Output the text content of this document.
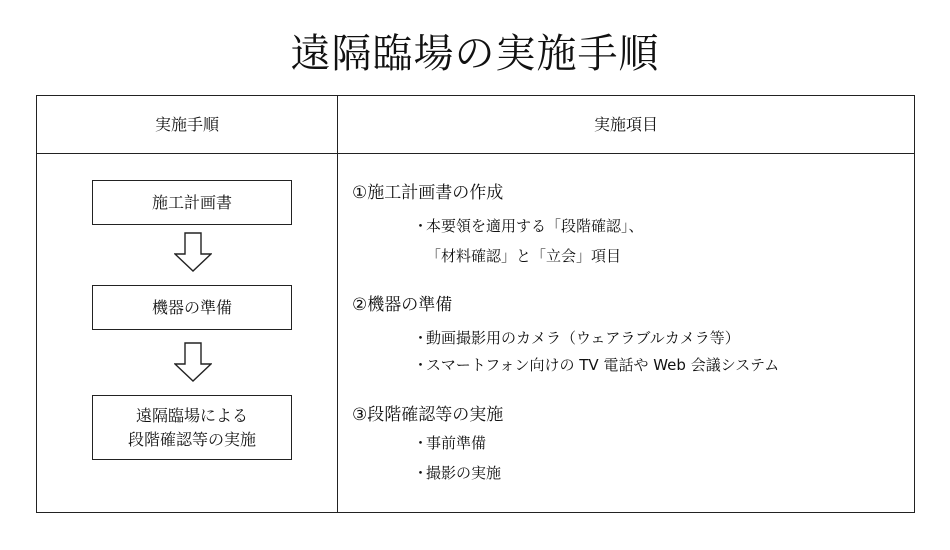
遠隔臨場の実施手順
実施手順	実施項目
施工計画書
機器の準備
遠隔臨場による
段階確認等の実施
①施工計画書の作成
・本要領を適用する「段階確認」、
「材料確認」と「立会」項目
②機器の準備
・動画撮影用のカメラ（ウェアラブルカメラ等）
・スマートフォン向けの TV 電話や Web 会議システム
③段階確認等の実施
・事前準備
・撮影の実施
